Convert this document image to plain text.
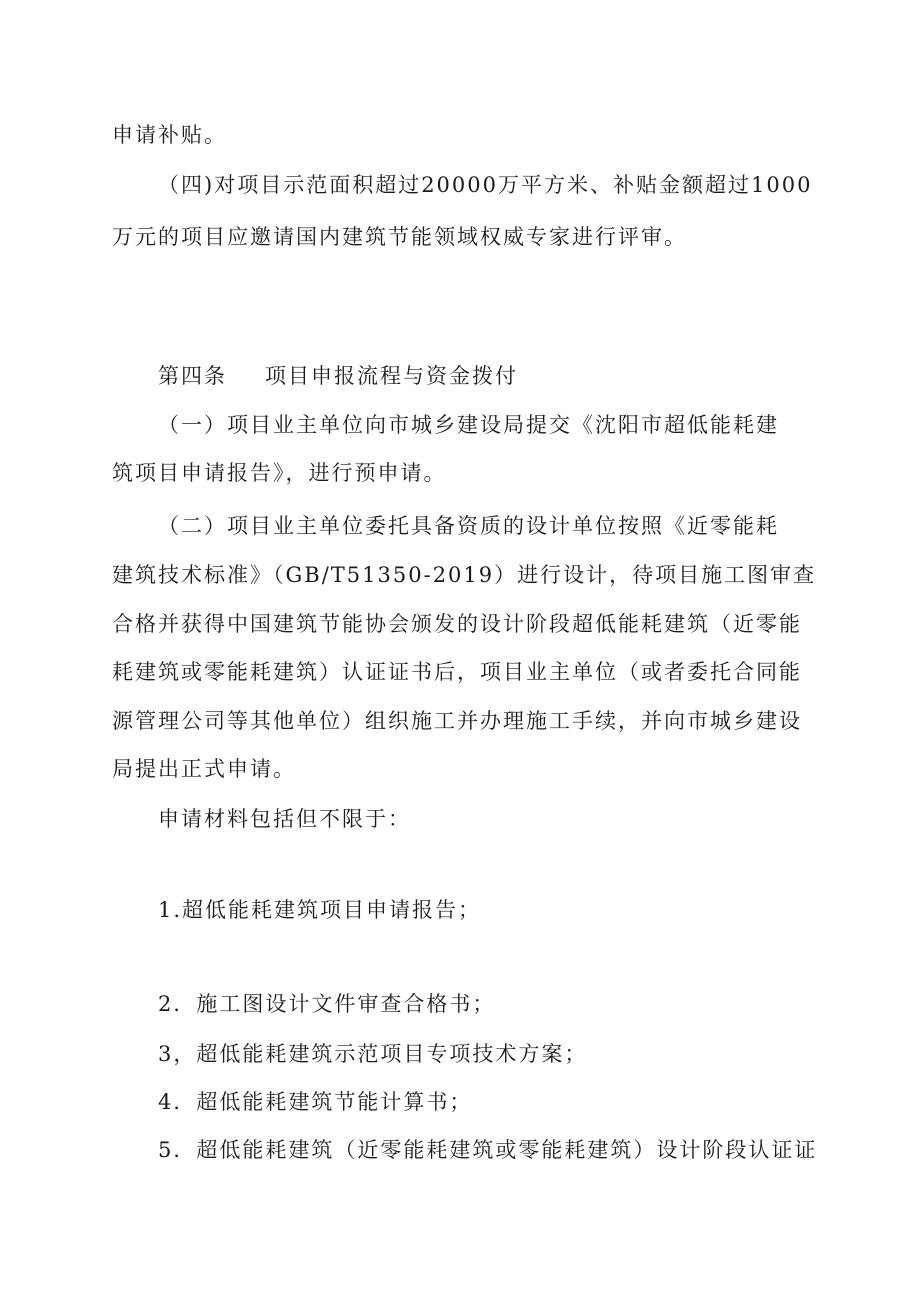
申请补贴。
（四)对项目示范面积超过20000万平方米、补贴金额超过1000
万元的项目应邀请国内建筑节能领域权威专家进行评审。
第四条 项目申报流程与资金拨付
（一）项目业主单位向市城乡建设局提交《沈阳市超低能耗建
筑项目申请报告》，进行预申请。
（二）项目业主单位委托具备资质的设计单位按照《近零能耗
建筑技术标准》（GB/T51350-2019）进行设计，待项目施工图审查
合格并获得中国建筑节能协会颁发的设计阶段超低能耗建筑（近零能
耗建筑或零能耗建筑）认证证书后，项目业主单位（或者委托合同能
源管理公司等其他单位）组织施工并办理施工手续，并向市城乡建设
局提出正式申请。
申请材料包括但不限于：
1.超低能耗建筑项目申请报告；
2．施工图设计文件审查合格书；
3，超低能耗建筑示范项目专项技术方案；
4．超低能耗建筑节能计算书；
5．超低能耗建筑（近零能耗建筑或零能耗建筑）设计阶段认证证
